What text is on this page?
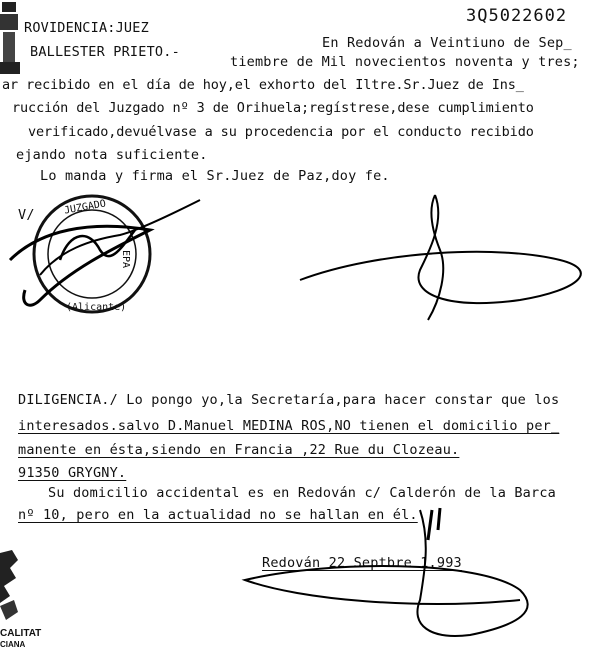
3Q5022602
ROVIDENCIA:JUEZ
BALLESTER PRIETO.-
En Redován a Veintiuno de Sep_
tiembre de Mil novecientos noventa y tres;
ar recibido en el día de hoy,el exhorto del Iltre.Sr.Juez de Ins_
rucción del Juzgado nº 3 de Orihuela;regístrese,dese cumplimiento
verificado,devuélvase a su procedencia por el conducto recibido
ejando nota suficiente.
Lo manda y firma el Sr.Juez de Paz,doy fe.
V/	JUZGADO
EPA
(Alicante)
DILIGENCIA./ Lo pongo yo,la Secretaría,para hacer constar que los
interesados.salvo D.Manuel MEDINA ROS,NO tienen el domicilio per_
manente en ésta,siendo en Francia ,22 Rue du Clozeau.
91350 GRYGNY.
Su domicilio accidental es en Redován c/ Calderón de la Barca
nº 10, pero en la actualidad no se hallan en él.
Redován 22 Septbre 1.993
CALITAT
CIANA
